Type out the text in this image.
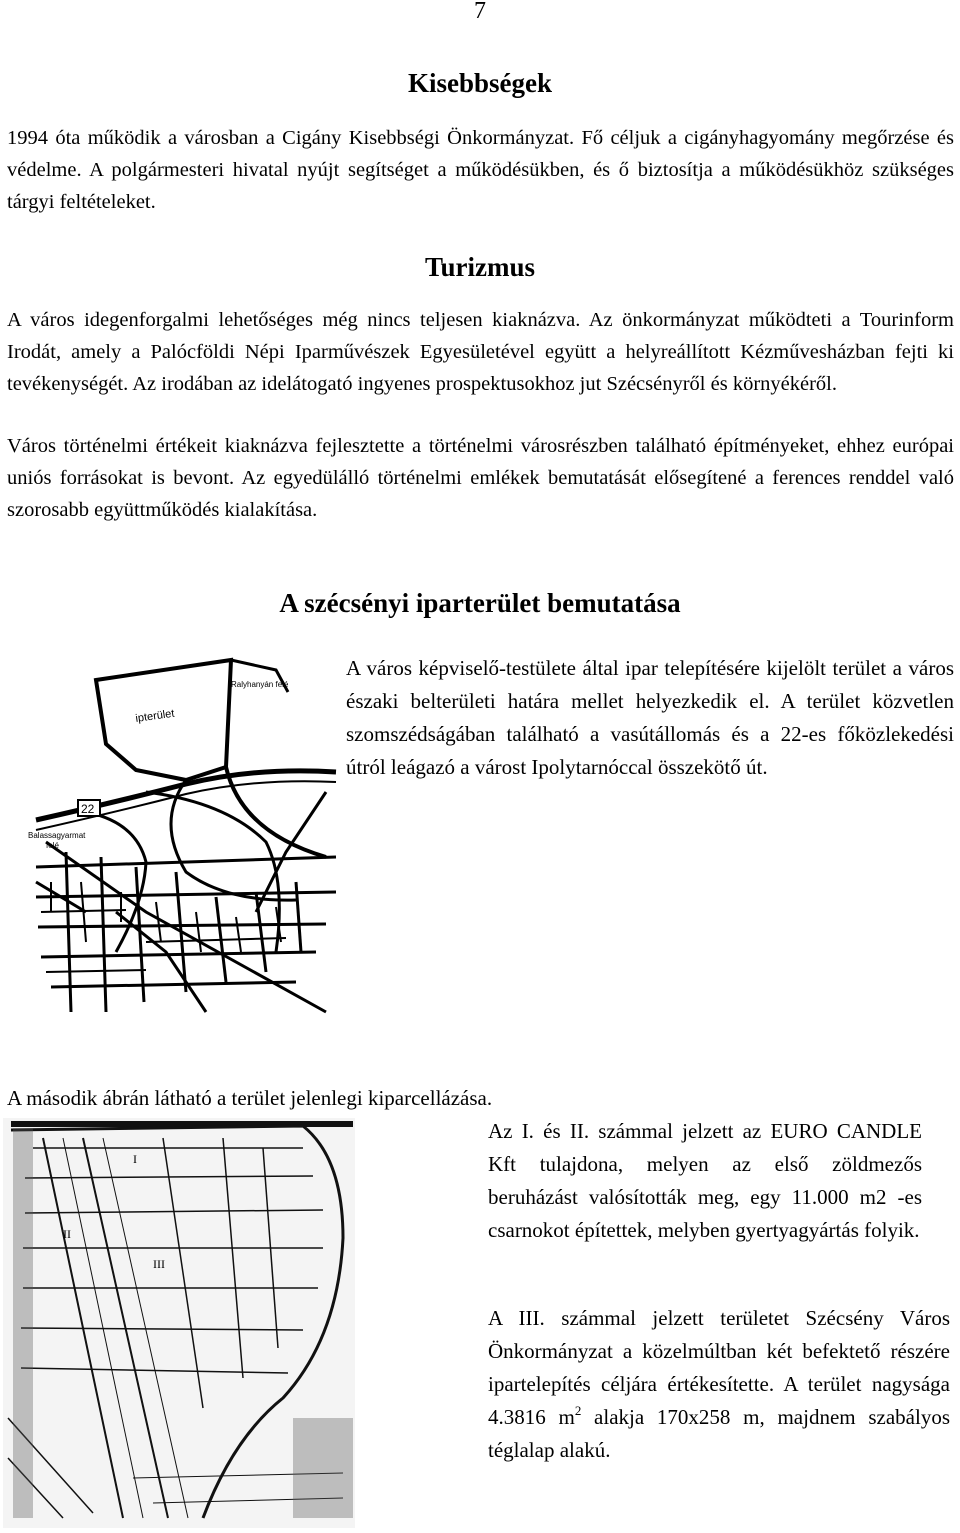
7
Kisebbségek

1994 óta működik a városban a Cigány Kisebbségi Önkormányzat. Fő céljuk a cigányhagyomány megőrzése és védelme. A polgármesteri hivatal nyújt segítséget a működésükben, és ő biztosítja a működésükhöz szükséges tárgyi feltételeket.

Turizmus

A város idegenforgalmi lehetőséges még nincs teljesen kiaknázva. Az önkormányzat működteti a Tourinform Irodát, amely a Palócföldi Népi Iparművészek Egyesületével együtt a helyreállított Kézművesházban fejti ki tevékenységét. Az irodában az idelátogató ingyenes prospektusokhoz jut Szécsényről és környékéről.

Város történelmi értékeit kiaknázva fejlesztette a történelmi városrészben található építményeket, ehhez európai uniós forrásokat is bevont. Az egyedülálló történelmi emlékek bemutatását elősegítené a ferences renddel való szorosabb együttműködés kialakítása.

A szécsényi iparterület bemutatása
22
ipterület
Ralyhanyán felé
Balassagyarmat
felé

A város képviselő-testülete által ipar telepítésére kijelölt terület a város északi belterületi határa mellet helyezkedik el. A terület közvetlen szomszédságában található a vasútállomás és a 22-es főközlekedési útról leágazó a várost Ipolytarnóccal összekötő út.

A második ábrán látható a terület jelenlegi kiparcellázása.

I
II
III

Az I. és II. számmal jelzett az EURO CANDLE Kft tulajdona, melyen az első zöldmezős beruházást valósították meg, egy 11.000 m2 -es csarnokot építettek, melyben gyertyagyártás folyik.

A III. számmal jelzett területet Szécsény Város Önkormányzat a közelmúltban két befektető részére ipartelepítés céljára értékesítette. A terület nagysága 4.3816 $m^2$ alakja 170x258 m, majdnem szabályos téglalap alakú.
